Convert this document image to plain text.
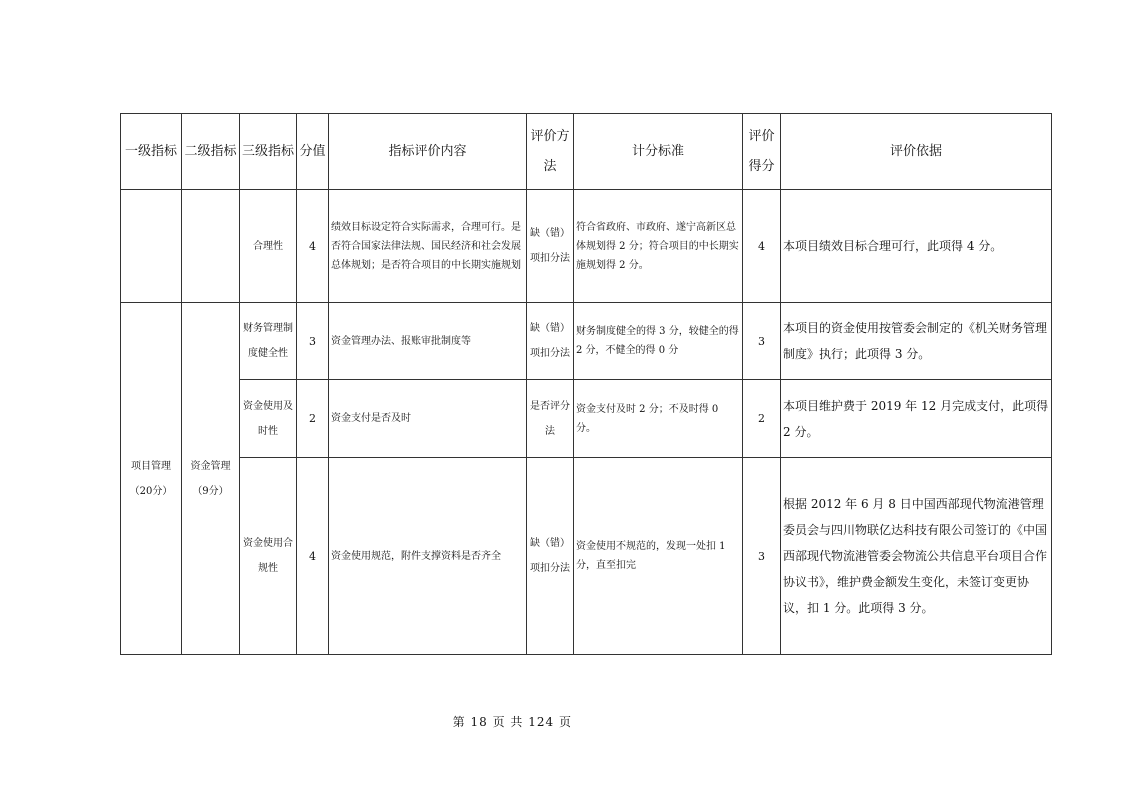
一级指标	二级指标	三级指标	分值	指标评价内容	评价方法	计分标准	评价得分	评价依据
		合理性	4	绩效目标设定符合实际需求，合理可行。是否符合国家法律法规、国民经济和社会发展总体规划；是否符合项目的中长期实施规划	缺（错）项扣分法	符合省政府、市政府、遂宁高新区总体规划得 2 分；符合项目的中长期实施规划得 2 分。	4	本项目绩效目标合理可行，此项得 4 分。
项目管理（20分）	资金管理（9分）	财务管理制度健全性	3	资金管理办法、报账审批制度等	缺（错）项扣分法	财务制度健全的得 3 分，较健全的得 2 分，不健全的得 0 分	3	本项目的资金使用按管委会制定的《机关财务管理制度》执行；此项得 3 分。
		资金使用及时性	2	资金支付是否及时	是否评分法	资金支付及时 2 分；不及时得 0 分。	2	本项目维护费于 2019 年 12 月完成支付，此项得 2 分。
		资金使用合规性	4	资金使用规范，附件支撑资料是否齐全	缺（错）项扣分法	资金使用不规范的，发现一处扣 1 分，直至扣完	3	根据 2012 年 6 月 8 日中国西部现代物流港管理委员会与四川物联亿达科技有限公司签订的《中国西部现代物流港管委会物流公共信息平台项目合作协议书》，维护费金额发生变化，未签订变更协议，扣 1 分。此项得 3 分。
第 18 页 共 124 页
